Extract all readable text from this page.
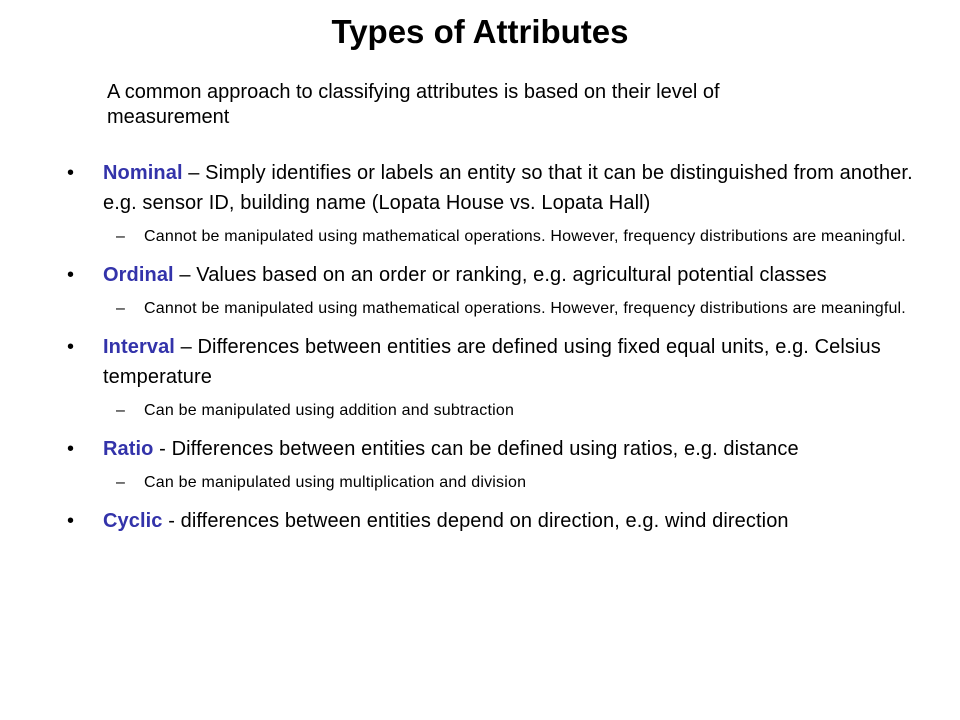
Types of Attributes
A common approach to classifying attributes is based on their level of measurement
• Nominal – Simply identifies or labels an entity so that it can be distinguished from another. e.g. sensor ID, building name (Lopata House vs. Lopata Hall)
– Cannot be manipulated using mathematical operations. However, frequency distributions are meaningful.
• Ordinal – Values based on an order or ranking, e.g. agricultural potential classes
– Cannot be manipulated using mathematical operations. However, frequency distributions are meaningful.
• Interval – Differences between entities are defined using fixed equal units, e.g. Celsius temperature
– Can be manipulated using addition and subtraction
• Ratio - Differences between entities can be defined using ratios, e.g. distance
– Can be manipulated using multiplication and division
• Cyclic - differences between entities depend on direction, e.g. wind direction
